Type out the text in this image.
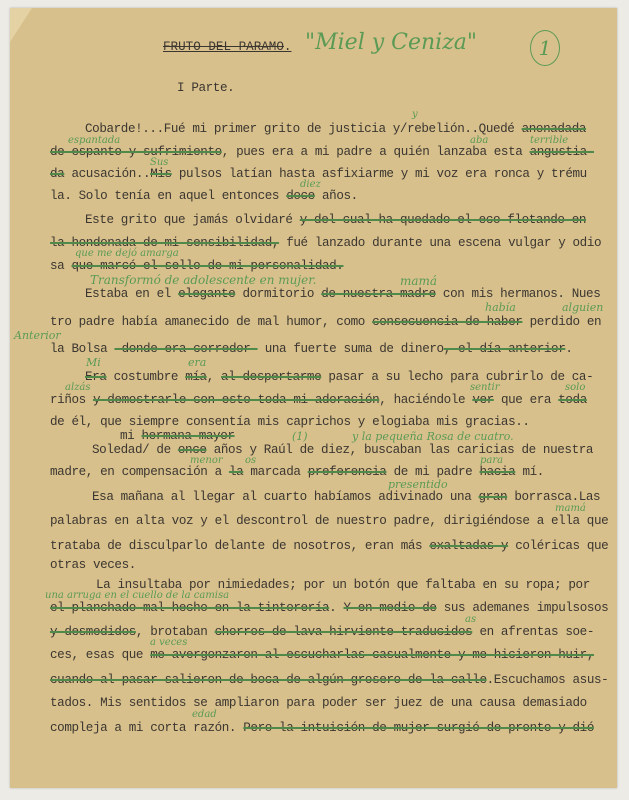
FRUTO DEL PARAMO. "Miel y Ceniza"	1
I Parte.
Cobarde!...Fué mi primer grito de justicia y/rebelión..Quedé anonadada
de espanto y sufrimiento, pues era a mi padre a quién lanzaba esta angustia-
da acusación..Mis pulsos latían hasta asfixiarme y mi voz era ronca y trému
la. Solo tenía en aquel entonces doce años.
Este grito que jamás olvidaré y del cual ha quedado el eco flotando en
la hondonada de mi sensibilidad, fué lanzado durante una escena vulgar y odio
sa que marcó el sello de mi personalidad.
Estaba en el elegante dormitorio de nuestra madre con mis hermanos. Nues
tro padre había amanecido de mal humor, como consecuencia de haber perdido en
la Bolsa -donde era corredor- una fuerte suma de dinero, el día anterior.
Era costumbre mía, al despertarme pasar a su lecho para cubrirlo de ca-
riños y demostrarle con esto toda mi adoración, haciéndole ver que era toda
de él, que siempre consentía mis caprichos y elogiaba mis gracias..
mi hermana mayor
Soledad/ de once años y Raúl de diez, buscaban las caricias de nuestra
madre, en compensación a la marcada preferencia de mi padre hacia mí.
Esa mañana al llegar al cuarto habíamos adivinado una gran borrasca.Las
palabras en alta voz y el descontrol de nuestro padre, dirigiéndose a ella que
trataba de disculparlo delante de nosotros, eran más exaltadas y coléricas que
otras veces.
La insultaba por nimiedades; por un botón que faltaba en su ropa; por
el planchado mal hecho en la tintorería. Y en medio de sus ademanes impulsosos
y desmedidos, brotaban chorros de lava hirviente traducidos en afrentas soe-
ces, esas que me avergonzaron al escucharlas casualmente y me hicieron huir,
cuando al pasar salieron de boca de algún grosero de la calle.Escuchamos asus-
tados. Mis sentidos se ampliaron para poder ser juez de una causa demasiado
compleja a mi corta razón. Pero la intuición de mujer surgió de pronto y dió
y
espantada	aba	terrible
Sus
diez
que me dejó amarga
Transformó de adolescente en mujer.	mamá
Anterior
había	alguien
Mi	era
alzás	sentir	solo
(1)	y la pequeña Rosa de cuatro.
menor os	para
presentido
mamá
una arruga en el cuello de la camisa
as
a veces
edad
